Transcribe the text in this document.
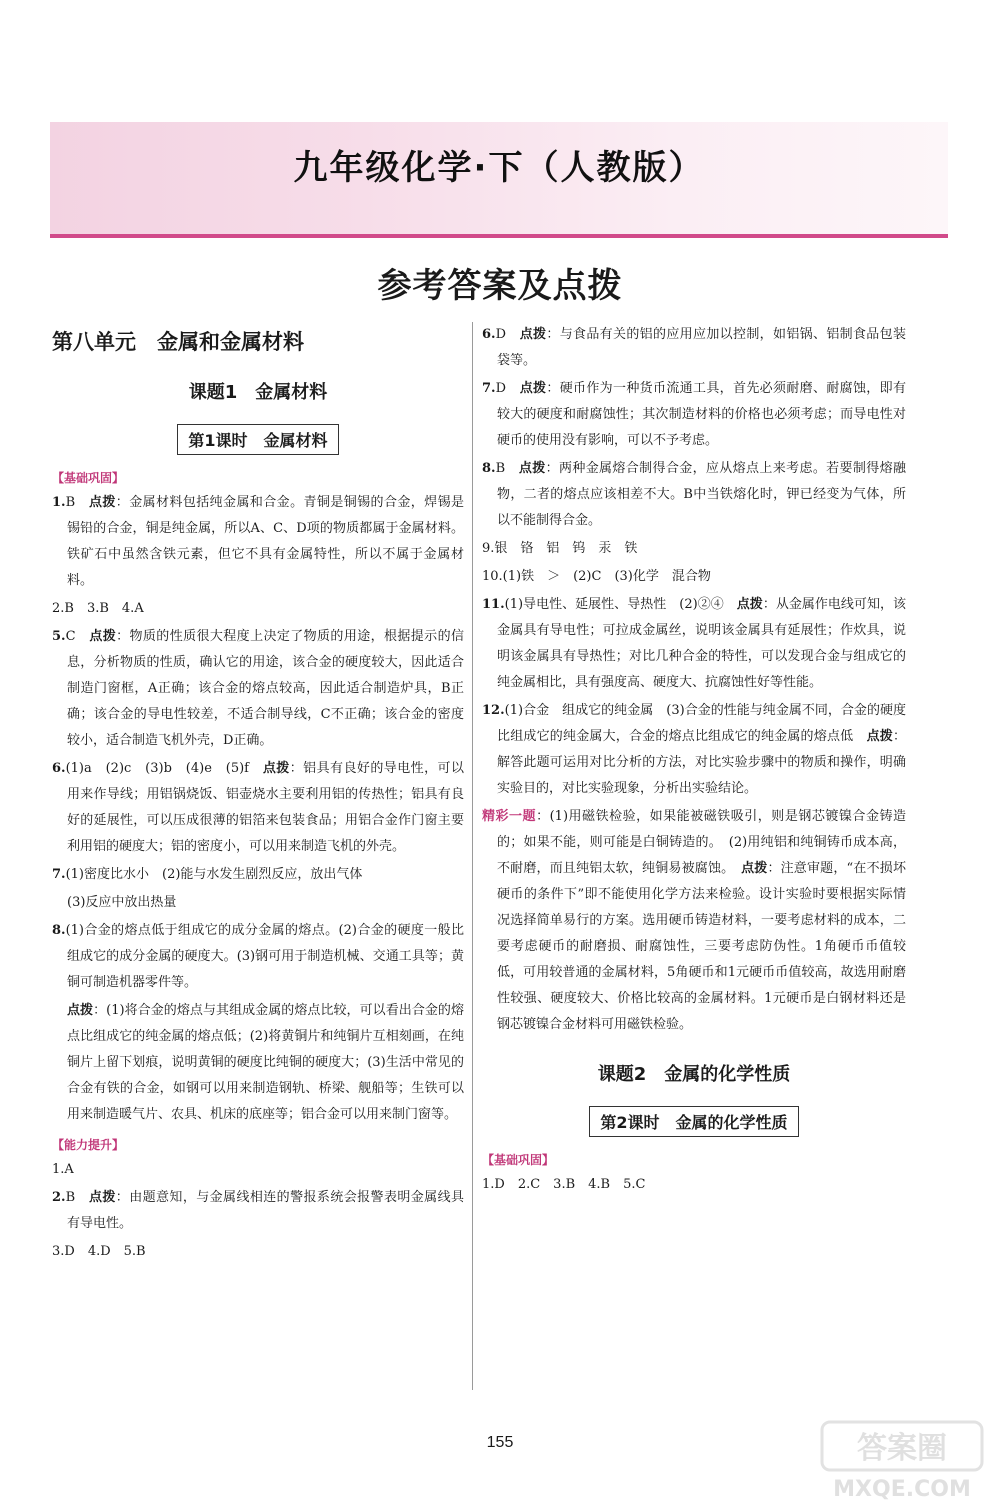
九年级化学·下（人教版）
参考答案及点拨
第八单元　金属和金属材料
课题1　金属材料
第1课时　金属材料
【基础巩固】
1.B　 点拨：金属材料包括纯金属和合金。青铜是铜锡的合金，焊锡是锡铅的合金，铜是纯金属，所以A、C、D项的物质都属于金属材料。铁矿石中虽然含铁元素，但它不具有金属特性，所以不属于金属材料。
2.B　3.B　4.A
5.C　 点拨：物质的性质很大程度上决定了物质的用途，根据提示的信息，分析物质的性质，确认它的用途，该合金的硬度较大，因此适合制造门窗框，A正确；该合金的熔点较高，因此适合制造炉具，B正确；该合金的导电性较差，不适合制导线，C不正确；该合金的密度较小，适合制造飞机外壳，D正确。
6.(1)a　(2)c　(3)b　(4)e　(5)f　 点拨：铝具有良好的导电性，可以用来作导线；用铝锅烧饭、铝壶烧水主要利用铝的传热性；铝具有良好的延展性，可以压成很薄的铝箔来包装食品；用铝合金作门窗主要利用铝的硬度大；铝的密度小，可以用来制造飞机的外壳。
7.(1)密度比水小　(2)能与水发生剧烈反应，放出气体
(3)反应中放出热量
8.(1)合金的熔点低于组成它的成分金属的熔点。(2)合金的硬度一般比组成它的成分金属的硬度大。(3)钢可用于制造机械、交通工具等；黄铜可制造机器零件等。
点拨：(1)将合金的熔点与其组成金属的熔点比较，可以看出合金的熔点比组成它的纯金属的熔点低；(2)将黄铜片和纯铜片互相刻画，在纯铜片上留下划痕，说明黄铜的硬度比纯铜的硬度大；(3)生活中常见的合金有铁的合金，如钢可以用来制造钢轨、桥梁、舰船等；生铁可以用来制造暖气片、农具、机床的底座等；铝合金可以用来制门窗等。
【能力提升】
1.A
2.B　 点拨：由题意知，与金属线相连的警报系统会报警表明金属线具有导电性。
3.D　4.D　5.B
6.D　 点拨：与食品有关的铝的应用应加以控制，如铝锅、铝制食品包装袋等。
7.D　 点拨：硬币作为一种货币流通工具，首先必须耐磨、耐腐蚀，即有较大的硬度和耐腐蚀性；其次制造材料的价格也必须考虑；而导电性对硬币的使用没有影响，可以不予考虑。
8.B　 点拨：两种金属熔合制得合金，应从熔点上来考虑。若要制得熔融物，二者的熔点应该相差不大。B中当铁熔化时，钾已经变为气体，所以不能制得合金。
9.银　铬　铝　钨　汞　铁
10.(1)铁　＞　(2)C　(3)化学　混合物
11.(1)导电性、延展性、导热性　(2)②④　 点拨：从金属作电线可知，该金属具有导电性；可拉成金属丝，说明该金属具有延展性；作炊具，说明该金属具有导热性；对比几种合金的特性，可以发现合金与组成它的纯金属相比，具有强度高、硬度大、抗腐蚀性好等性能。
12.(1)合金　组成它的纯金属　(3)合金的性能与纯金属不同，合金的硬度比组成它的纯金属大，合金的熔点比组成它的纯金属的熔点低　 点拨：解答此题可运用对比分析的方法，对比实验步骤中的物质和操作，明确实验目的，对比实验现象，分析出实验结论。
精彩一题：(1)用磁铁检验，如果能被磁铁吸引，则是钢芯镀镍合金铸造的；如果不能，则可能是白铜铸造的。　(2)用纯铝和纯铜铸币成本高，不耐磨，而且纯铝太软，纯铜易被腐蚀。　 点拨：注意审题，“在不损坏硬币的条件下”即不能使用化学方法来检验。设计实验时要根据实际情况选择简单易行的方案。选用硬币铸造材料，一要考虑材料的成本，二要考虑硬币的耐磨损、耐腐蚀性，三要考虑防伪性。1角硬币币值较低，可用较普通的金属材料，5角硬币和1元硬币币值较高，故选用耐磨性较强、硬度较大、价格比较高的金属材料。1元硬币是白钢材料还是钢芯镀镍合金材料可用磁铁检验。
课题2　金属的化学性质
第2课时　金属的化学性质
【基础巩固】
1.D　2.C　3.B　4.B　5.C
155	答案圈
MXQE.COM
